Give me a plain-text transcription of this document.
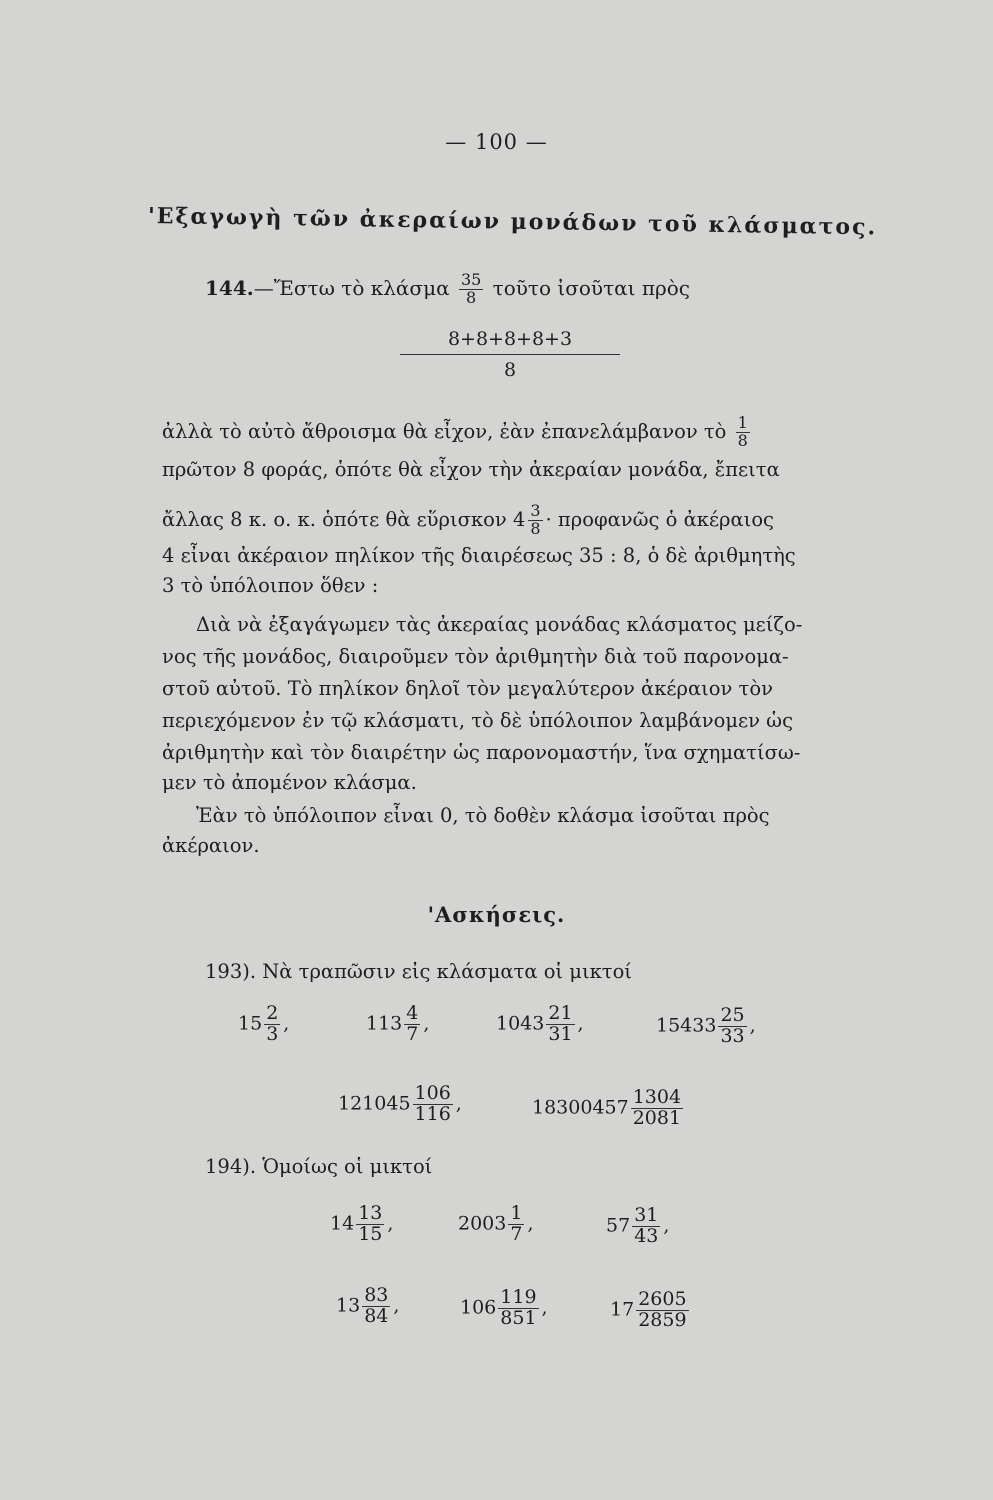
— 100 —
'Εξαγωγὴ τῶν ἀκεραίων μονάδων τοῦ κλάσματος.
144.—Ἔστω τὸ κλάσμα $\frac{35}{8}$ τοῦτο ἰσοῦται πρὸς
$\frac{8+8+8+8+3}{8}$
ἀλλὰ τὸ αὐτὸ ἄθροισμα θὰ εἶχον, ἐὰν ἐπανελάμβανον τὸ $\frac{1}{8}$
πρῶτον 8 φοράς, ὁπότε θὰ εἶχον τὴν ἀκεραίαν μονάδα, ἔπειτα
ἄλλας 8 κ. ο. κ. ὁπότε θὰ εὕρισκον $4 \frac{3}{8}$ · προφανῶς ὁ ἀκέραιος
4 εἶναι ἀκέραιον πηλίκον τῆς διαιρέσεως 35 : 8, ὁ δὲ ἀριθμητὴς
3 τὸ ὑπόλοιπον ὅθεν :
Διὰ νὰ ἐξαγάγωμεν τὰς ἀκεραίας μονάδας κλάσματος μείζο-
νος τῆς μονάδος, διαιροῦμεν τὸν ἀριθμητὴν διὰ τοῦ παρονομα-
στοῦ αὐτοῦ. Τὸ πηλίκον δηλοῖ τὸν μεγαλύτερον ἀκέραιον τὸν
περιεχόμενον ἐν τῷ κλάσματι, τὸ δὲ ὑπόλοιπον λαμβάνομεν ὡς
ἀριθμητὴν καὶ τὸν διαιρέτην ὡς παρονομαστήν, ἵνα σχηματίσω-
μεν τὸ ἀπομένον κλάσμα.
Ἐὰν τὸ ὑπόλοιπον εἶναι 0, τὸ δοθὲν κλάσμα ἰσοῦται πρὸς
ἀκέραιον.
'Ασκήσεις.
193). Νὰ τραπῶσιν εἰς κλάσματα οἱ μικτοί
$15 \frac{2}{3}$ ,	$113 \frac{4}{7}$ ,	$1043 \frac{21}{31}$ ,	$15433 \frac{25}{33}$ ,
$121045 \frac{106}{116}$ ,	$18300457 \frac{1304}{2081}$
194). Ὁμοίως οἱ μικτοί
$14 \frac{13}{15}$ ,	$2003 \frac{1}{7}$ ,	$57 \frac{31}{43}$ ,
$13 \frac{83}{84}$ ,	$106 \frac{119}{851}$ ,	$17 \frac{2605}{2859}$
